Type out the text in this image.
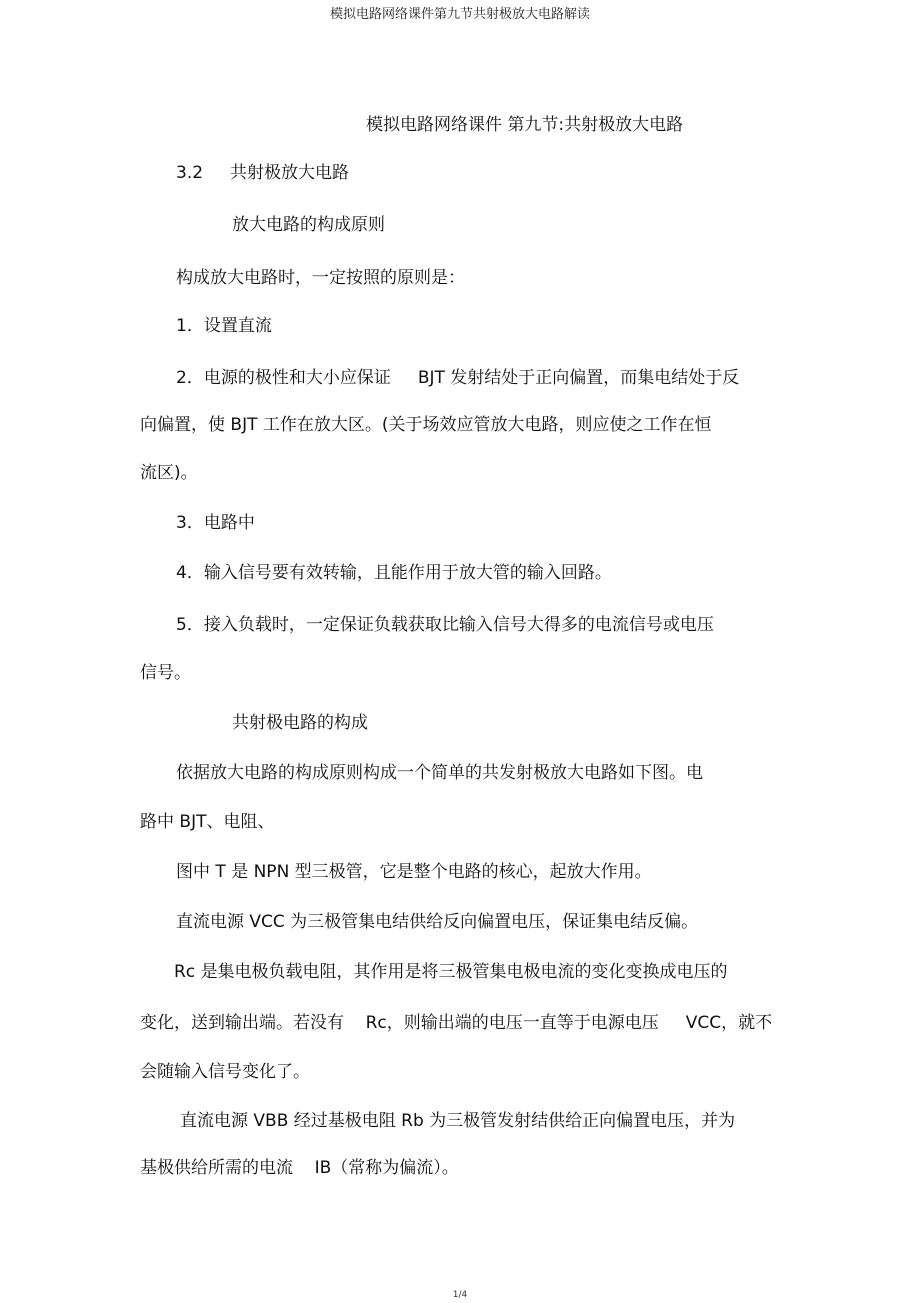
模拟电路网络课件第九节共射极放大电路解读
模拟电路网络课件 第九节:共射极放大电路
3.2     共射极放大电路
放大电路的构成原则
构成放大电路时，一定按照的原则是：
1．设置直流
2．电源的极性和大小应保证     BJT 发射结处于正向偏置，而集电结处于反
向偏置，使 BJT 工作在放大区。(关于场效应管放大电路，则应使之工作在恒
流区)。
3．电路中
4．输入信号要有效转输，且能作用于放大管的输入回路。
5．接入负载时，一定保证负载获取比输入信号大得多的电流信号或电压
信号。
共射极电路的构成
依据放大电路的构成原则构成一个简单的共发射极放大电路如下图。电
路中 BJT、电阻、
图中 T 是 NPN 型三极管，它是整个电路的核心，起放大作用。
直流电源 VCC 为三极管集电结供给反向偏置电压，保证集电结反偏。
Rc 是集电极负载电阻，其作用是将三极管集电极电流的变化变换成电压的
变化，送到输出端。若没有    Rc，则输出端的电压一直等于电源电压     VCC，就不
会随输入信号变化了。
直流电源 VBB 经过基极电阻 Rb 为三极管发射结供给正向偏置电压，并为
基极供给所需的电流    IB（常称为偏流）。
1/4
